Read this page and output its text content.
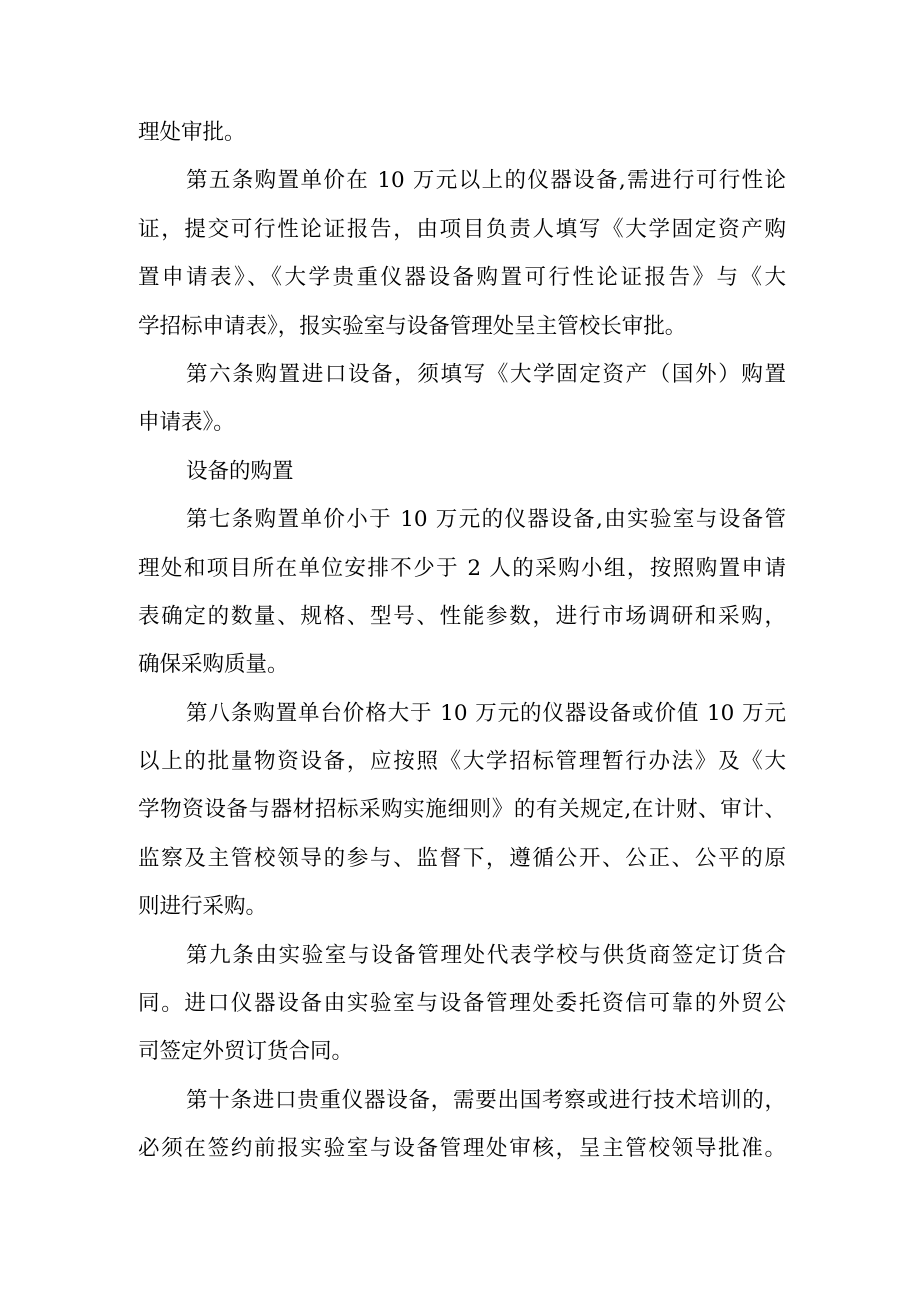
理处审批。
第五条购置单价在 10 万元以上的仪器设备,需进行可行性论
证，提交可行性论证报告，由项目负责人填写《大学固定资产购
置申请表》、《大学贵重仪器设备购置可行性论证报告》与《大
学招标申请表》，报实验室与设备管理处呈主管校长审批。
第六条购置进口设备，须填写《大学固定资产（国外）购置
申请表》。
设备的购置
第七条购置单价小于 10 万元的仪器设备,由实验室与设备管
理处和项目所在单位安排不少于 2 人的采购小组，按照购置申请
表确定的数量、规格、型号、性能参数，进行市场调研和采购，
确保采购质量。
第八条购置单台价格大于 10 万元的仪器设备或价值 10 万元
以上的批量物资设备，应按照《大学招标管理暂行办法》及《大
学物资设备与器材招标采购实施细则》的有关规定,在计财、审计、
监察及主管校领导的参与、监督下，遵循公开、公正、公平的原
则进行采购。
第九条由实验室与设备管理处代表学校与供货商签定订货合
同。进口仪器设备由实验室与设备管理处委托资信可靠的外贸公
司签定外贸订货合同。
第十条进口贵重仪器设备，需要出国考察或进行技术培训的，
必须在签约前报实验室与设备管理处审核，呈主管校领导批准。
